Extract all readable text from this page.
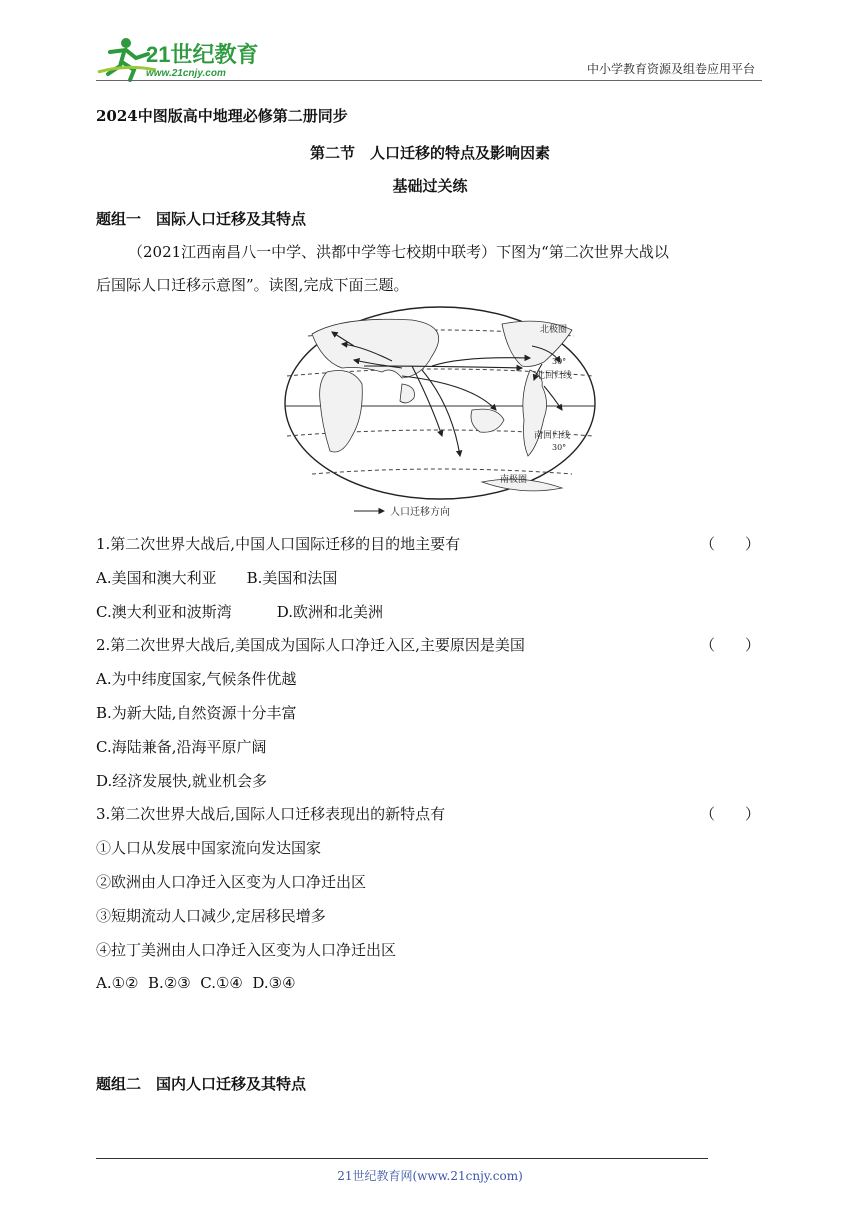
21世纪教育
www.21cnjy.com	中小学教育资源及组卷应用平台
2024中图版高中地理必修第二册同步
第二节　人口迁移的特点及影响因素
基础过关练
题组一　国际人口迁移及其特点
（2021江西南昌八一中学、洪都中学等七校期中联考）下图为“第二次世界大战以
后国际人口迁移示意图”。读图,完成下面三题。
北极圈
北回归线
30°
南回归线
30°
南极圈
人口迁移方向
1.第二次世界大战后,中国人口国际迁移的目的地主要有	（　　）
A.美国和澳大利亚　　B.美国和法国
C.澳大利亚和波斯湾　　　D.欧洲和北美洲
2.第二次世界大战后,美国成为国际人口净迁入区,主要原因是美国	（　　）
A.为中纬度国家,气候条件优越
B.为新大陆,自然资源十分丰富
C.海陆兼备,沿海平原广阔
D.经济发展快,就业机会多
3.第二次世界大战后,国际人口迁移表现出的新特点有	（　　）
①人口从发展中国家流向发达国家
②欧洲由人口净迁入区变为人口净迁出区
③短期流动人口减少,定居移民增多
④拉丁美洲由人口净迁入区变为人口净迁出区
A.①②  B.②③  C.①④  D.③④
题组二　国内人口迁移及其特点
21世纪教育网(www.21cnjy.com)
